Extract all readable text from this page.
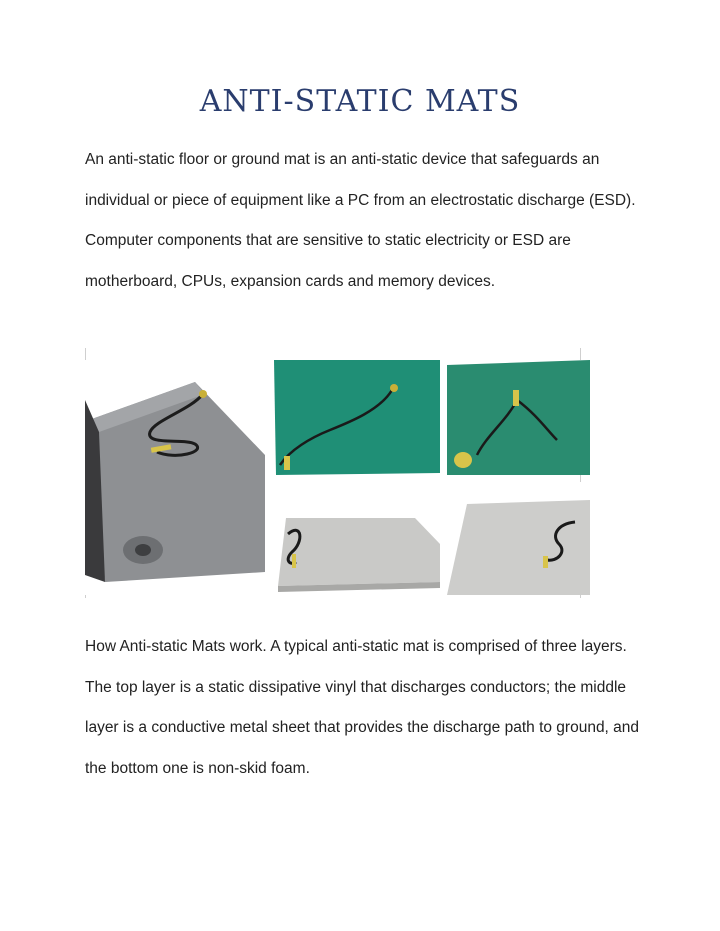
ANTI-STATIC MATS
An anti-static floor or ground mat is an anti-static device that safeguards an individual or piece of equipment like a PC from an electrostatic discharge (ESD). Computer components that are sensitive to static electricity or ESD are motherboard, CPUs, expansion cards and memory devices.
How Anti-static Mats work. A typical anti-static mat is comprised of three layers. The top layer is a static dissipative vinyl that discharges conductors; the middle layer is a conductive metal sheet that provides the discharge path to ground, and the bottom one is non-skid foam.
